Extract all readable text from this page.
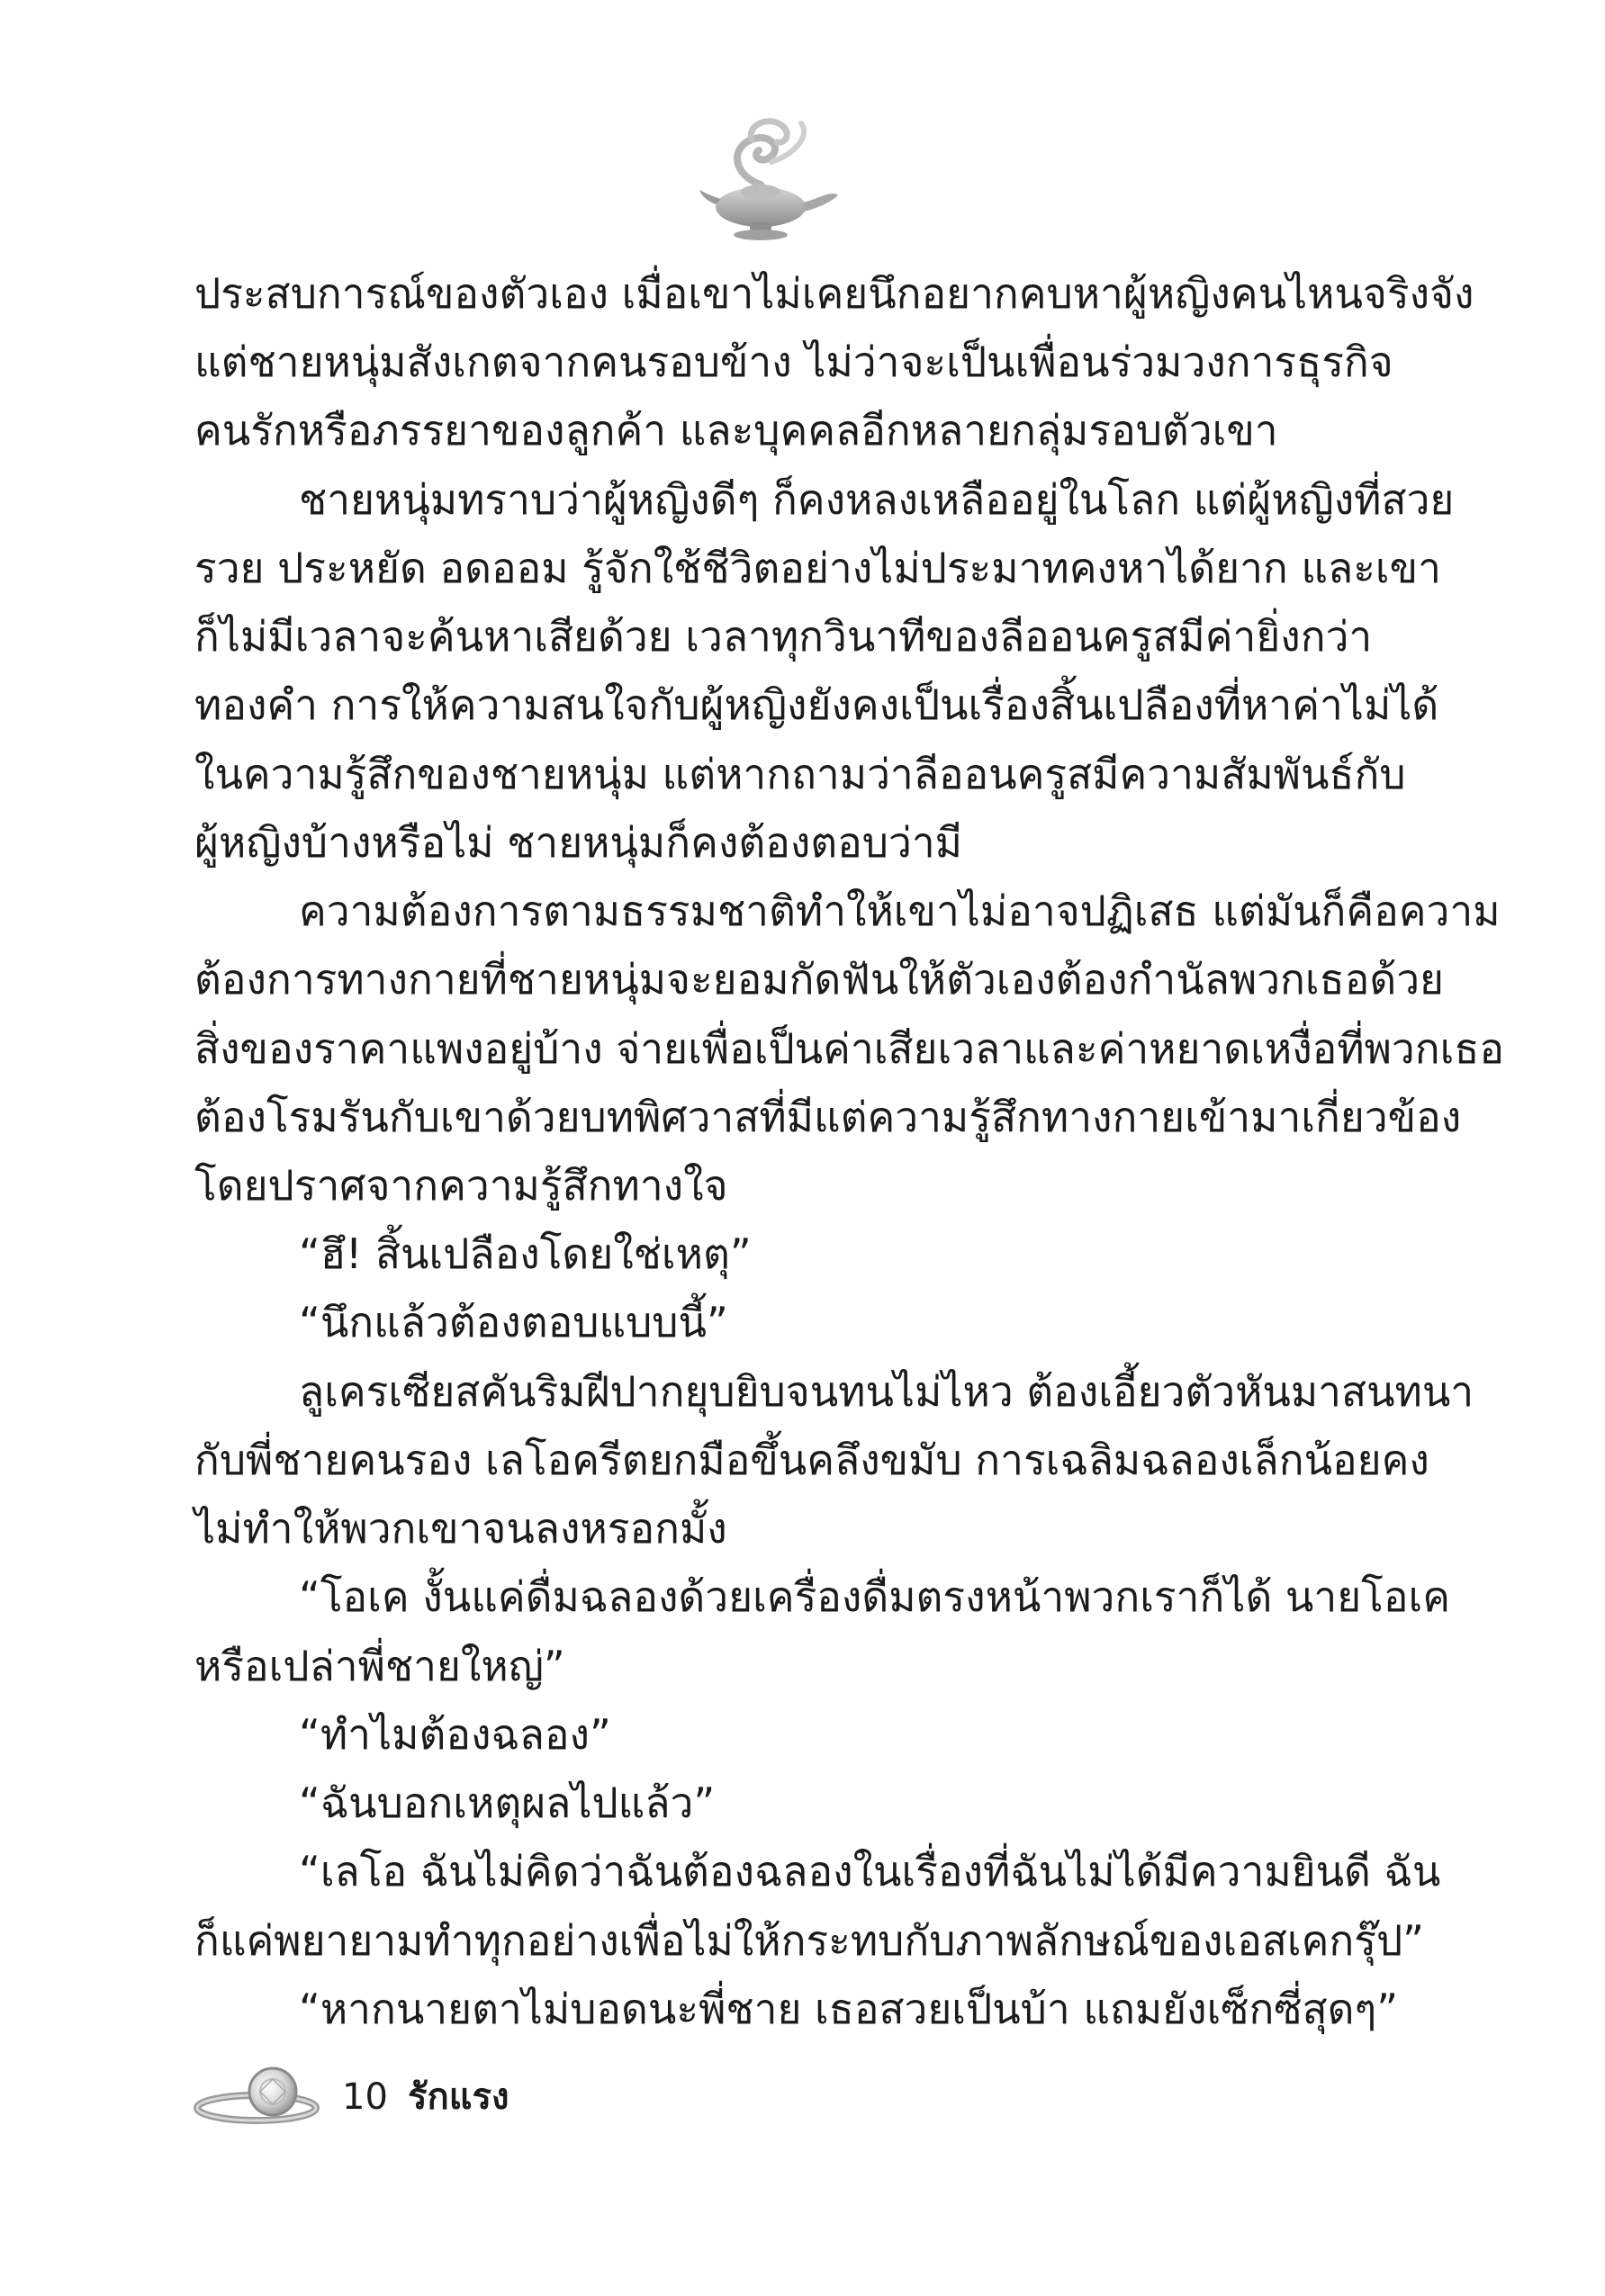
ประสบการณ์ของตัวเอง เมื่อเขาไม่เคยนึกอยากคบหาผู้หญิงคนไหนจริงจัง
แต่ชายหนุ่มสังเกตจากคนรอบข้าง ไม่ว่าจะเป็นเพื่อนร่วมวงการธุรกิจ
คนรักหรือภรรยาของลูกค้า และบุคคลอีกหลายกลุ่มรอบตัวเขา
ชายหนุ่มทราบว่าผู้หญิงดีๆ ก็คงหลงเหลืออยู่ในโลก แต่ผู้หญิงที่สวย
รวย ประหยัด อดออม รู้จักใช้ชีวิตอย่างไม่ประมาทคงหาได้ยาก และเขา
ก็ไม่มีเวลาจะค้นหาเสียด้วย เวลาทุกวินาทีของลีออนครูสมีค่ายิ่งกว่า
ทองคำ การให้ความสนใจกับผู้หญิงยังคงเป็นเรื่องสิ้นเปลืองที่หาค่าไม่ได้
ในความรู้สึกของชายหนุ่ม แต่หากถามว่าลีออนครูสมีความสัมพันธ์กับ
ผู้หญิงบ้างหรือไม่ ชายหนุ่มก็คงต้องตอบว่ามี
ความต้องการตามธรรมชาติทำให้เขาไม่อาจปฏิเสธ แต่มันก็คือความ
ต้องการทางกายที่ชายหนุ่มจะยอมกัดฟันให้ตัวเองต้องกำนัลพวกเธอด้วย
สิ่งของราคาแพงอยู่บ้าง จ่ายเพื่อเป็นค่าเสียเวลาและค่าหยาดเหงื่อที่พวกเธอ
ต้องโรมรันกับเขาด้วยบทพิศวาสที่มีแต่ความรู้สึกทางกายเข้ามาเกี่ยวข้อง
โดยปราศจากความรู้สึกทางใจ
“ฮึ! สิ้นเปลืองโดยใช่เหตุ”
“นึกแล้วต้องตอบแบบนี้”
ลูเครเซียสคันริมฝีปากยุบยิบจนทนไม่ไหว ต้องเอี้ยวตัวหันมาสนทนา
กับพี่ชายคนรอง เลโอครีตยกมือขึ้นคลึงขมับ การเฉลิมฉลองเล็กน้อยคง
ไม่ทำให้พวกเขาจนลงหรอกมั้ง
“โอเค งั้นแค่ดื่มฉลองด้วยเครื่องดื่มตรงหน้าพวกเราก็ได้ นายโอเค
หรือเปล่าพี่ชายใหญ่”
“ทำไมต้องฉลอง”
“ฉันบอกเหตุผลไปแล้ว”
“เลโอ ฉันไม่คิดว่าฉันต้องฉลองในเรื่องที่ฉันไม่ได้มีความยินดี ฉัน
ก็แค่พยายามทำทุกอย่างเพื่อไม่ให้กระทบกับภาพลักษณ์ของเอสเคกรุ๊ป”
“หากนายตาไม่บอดนะพี่ชาย เธอสวยเป็นบ้า แถมยังเซ็กซี่สุดๆ”
10 รักแรง
